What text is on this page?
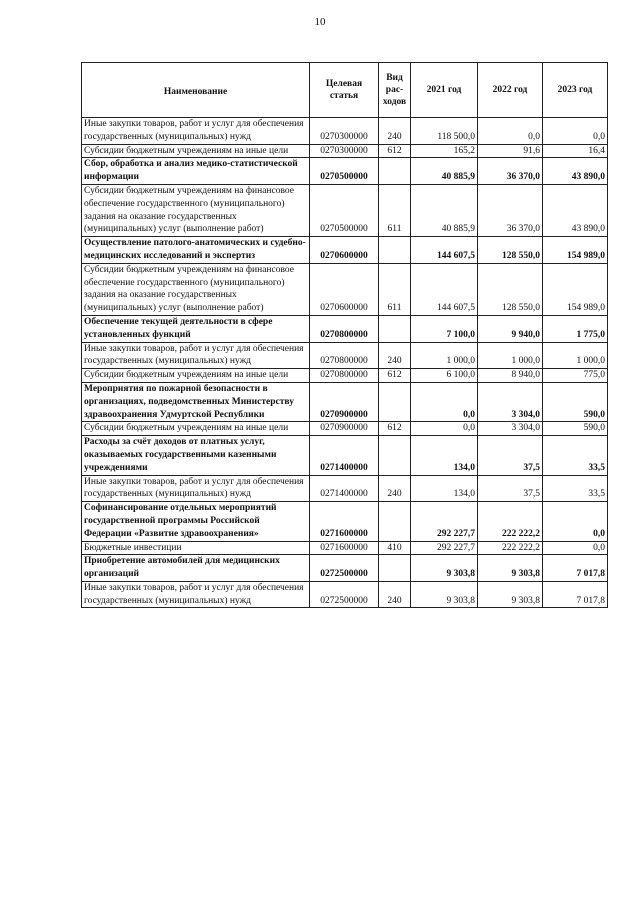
10
Наименование	Целевая статья	Вид рас-ходов	2021 год	2022 год	2023 год
Иные закупки товаров, работ и услуг для обеспечения государственных (муниципальных) нужд	0270300000	240	118 500,0	0,0	0,0
Субсидии бюджетным учреждениям на иные цели	0270300000	612	165,2	91,6	16,4
Сбор, обработка и анализ медико-статистической информации	0270500000		40 885,9	36 370,0	43 890,0
Субсидии бюджетным учреждениям на финансовое обеспечение государственного (муниципального) задания на оказание государственных (муниципальных) услуг (выполнение работ)	0270500000	611	40 885,9	36 370,0	43 890,0
Осуществление патолого-анатомических и судебно-медицинских исследований и экспертиз	0270600000		144 607,5	128 550,0	154 989,0
Субсидии бюджетным учреждениям на финансовое обеспечение государственного (муниципального) задания на оказание государственных (муниципальных) услуг (выполнение работ)	0270600000	611	144 607,5	128 550,0	154 989,0
Обеспечение текущей деятельности в сфере установленных функций	0270800000		7 100,0	9 940,0	1 775,0
Иные закупки товаров, работ и услуг для обеспечения государственных (муниципальных) нужд	0270800000	240	1 000,0	1 000,0	1 000,0
Субсидии бюджетным учреждениям на иные цели	0270800000	612	6 100,0	8 940,0	775,0
Мероприятия по пожарной безопасности в организациях, подведомственных Министерству здравоохранения Удмуртской Республики	0270900000		0,0	3 304,0	590,0
Субсидии бюджетным учреждениям на иные цели	0270900000	612	0,0	3 304,0	590,0
Расходы за счёт доходов от платных услуг, оказываемых государственными казенными учреждениями	0271400000		134,0	37,5	33,5
Иные закупки товаров, работ и услуг для обеспечения государственных (муниципальных) нужд	0271400000	240	134,0	37,5	33,5
Софинансирование отдельных мероприятий государственной программы Российской Федерации «Развитие здравоохранения»	0271600000		292 227,7	222 222,2	0,0
Бюджетные инвестиции	0271600000	410	292 227,7	222 222,2	0,0
Приобретение автомобилей для медицинских организаций	0272500000		9 303,8	9 303,8	7 017,8
Иные закупки товаров, работ и услуг для обеспечения государственных (муниципальных) нужд	0272500000	240	9 303,8	9 303,8	7 017,8
